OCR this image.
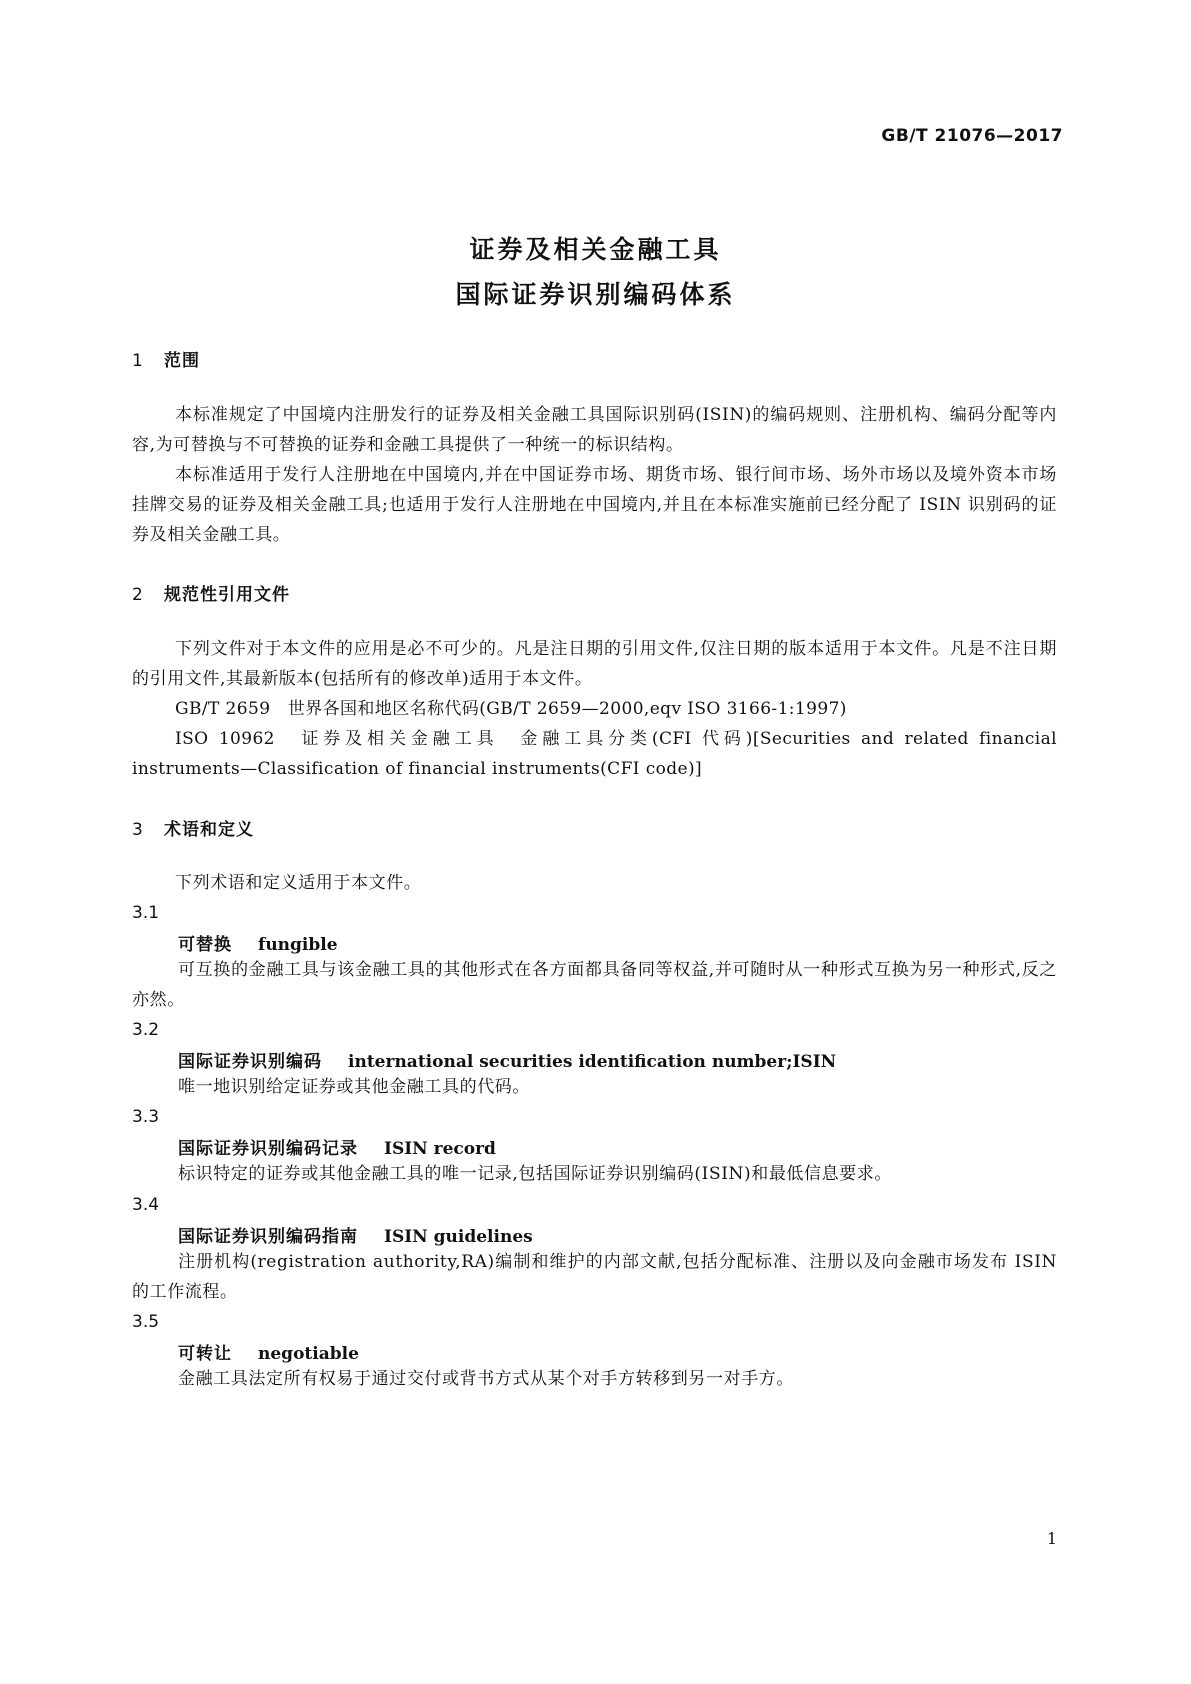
GB/T 21076—2017
证券及相关金融工具
国际证券识别编码体系
1 范围
本标准规定了中国境内注册发行的证券及相关金融工具国际识别码(ISIN)的编码规则、注册机构、编码分配等内容,为可替换与不可替换的证券和金融工具提供了一种统一的标识结构。
本标准适用于发行人注册地在中国境内,并在中国证券市场、期货市场、银行间市场、场外市场以及境外资本市场挂牌交易的证券及相关金融工具;也适用于发行人注册地在中国境内,并且在本标准实施前已经分配了 ISIN 识别码的证券及相关金融工具。
2 规范性引用文件
下列文件对于本文件的应用是必不可少的。凡是注日期的引用文件,仅注日期的版本适用于本文件。凡是不注日期的引用文件,其最新版本(包括所有的修改单)适用于本文件。
GB/T 2659　世界各国和地区名称代码(GB/T 2659—2000,eqv ISO 3166-1:1997)
ISO 10962　证券及相关金融工具　金融工具分类(CFI 代码)[Securities and related financial instruments—Classification of financial instruments(CFI code)]
3 术语和定义
下列术语和定义适用于本文件。
3.1
可替换 fungible
可互换的金融工具与该金融工具的其他形式在各方面都具备同等权益,并可随时从一种形式互换为另一种形式,反之亦然。
3.2
国际证券识别编码 international securities identification number;ISIN
唯一地识别给定证券或其他金融工具的代码。
3.3
国际证券识别编码记录 ISIN record
标识特定的证券或其他金融工具的唯一记录,包括国际证券识别编码(ISIN)和最低信息要求。
3.4
国际证券识别编码指南 ISIN guidelines
注册机构(registration authority,RA)编制和维护的内部文献,包括分配标准、注册以及向金融市场发布 ISIN 的工作流程。
3.5
可转让 negotiable
金融工具法定所有权易于通过交付或背书方式从某个对手方转移到另一对手方。
1
